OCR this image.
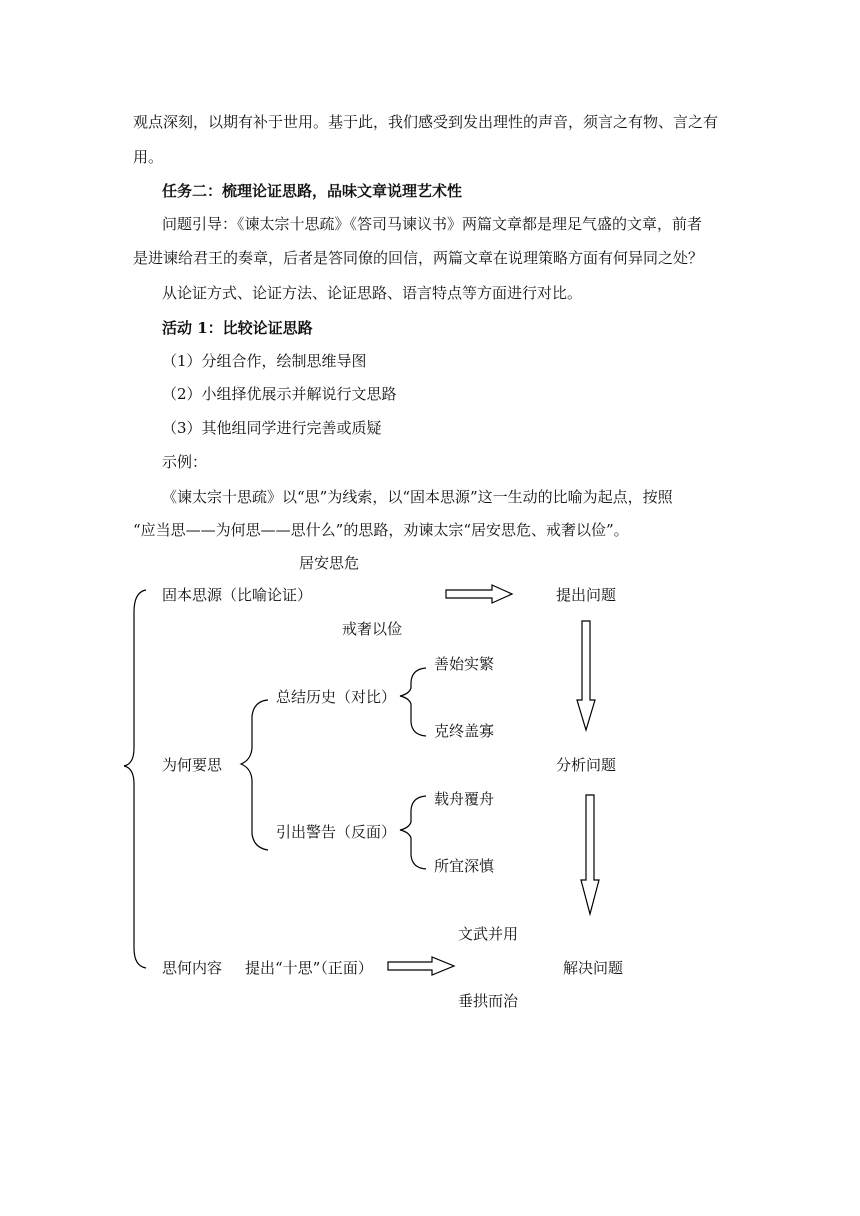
观点深刻，以期有补于世用。基于此，我们感受到发出理性的声音，须言之有物、言之有
用。
任务二：梳理论证思路，品味文章说理艺术性
问题引导：《谏太宗十思疏》《答司马谏议书》两篇文章都是理足气盛的文章，前者
是进谏给君王的奏章，后者是答同僚的回信，两篇文章在说理策略方面有何异同之处？
从论证方式、论证方法、论证思路、语言特点等方面进行对比。
活动 1：比较论证思路
（1）分组合作，绘制思维导图
（2）小组择优展示并解说行文思路
（3）其他组同学进行完善或质疑
示例：
《谏太宗十思疏》以“思”为线索，以“固本思源”这一生动的比喻为起点，按照
“应当思——为何思——思什么”的思路，劝谏太宗“居安思危、戒奢以俭”。
居安思危
固本思源（比喻论证）	提出问题
戒奢以俭
善始实繁
总结历史（对比）
克终盖寡
为何要思	分析问题
载舟覆舟
引出警告（反面）
所宜深慎
文武并用
思何内容 提出“十思”（正面）	解决问题
垂拱而治
